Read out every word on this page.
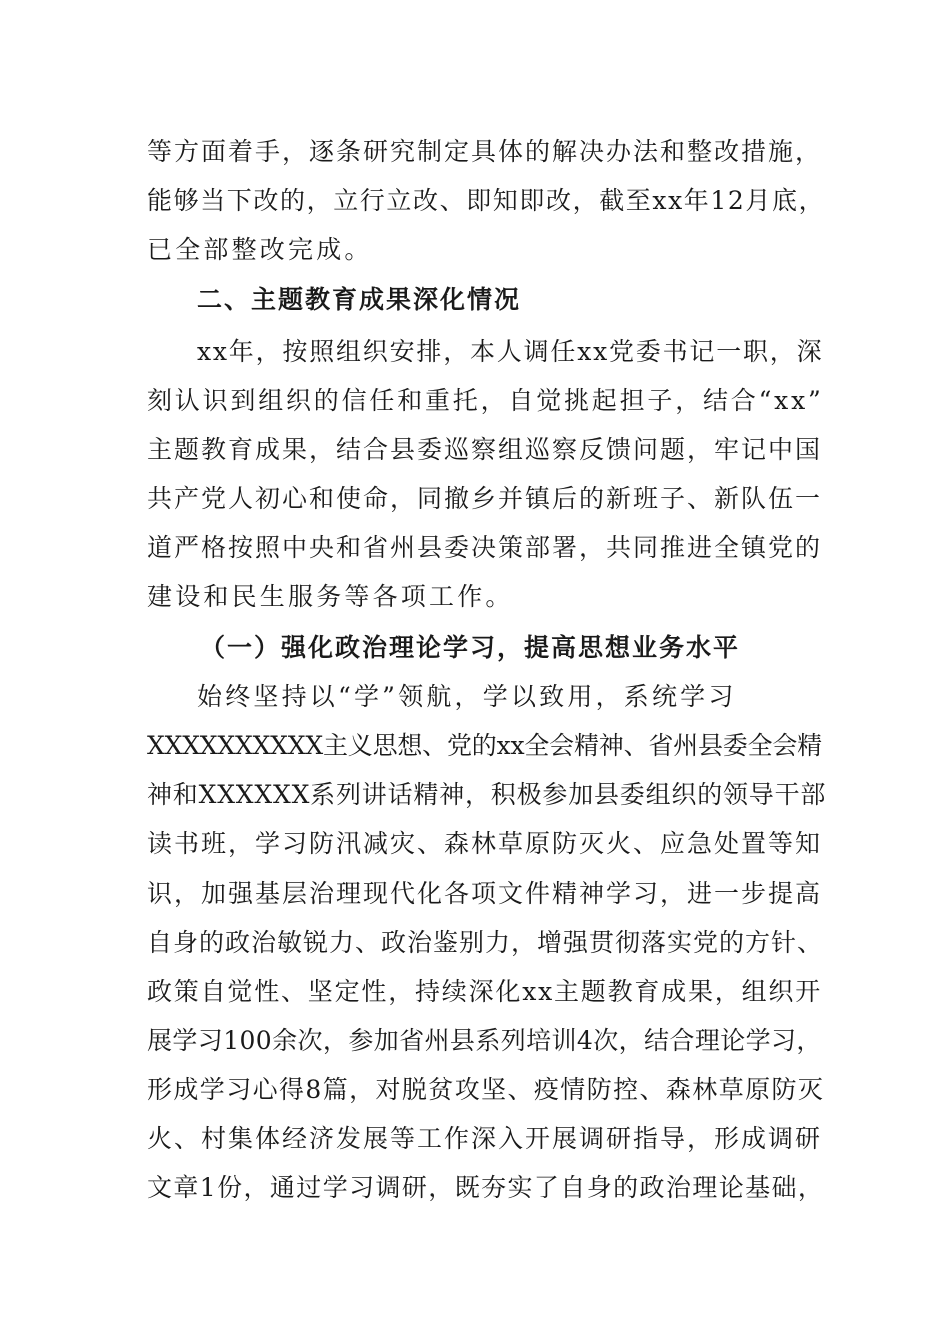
等方面着手，逐条研究制定具体的解决办法和整改措施，
能够当下改的，立行立改、即知即改，截至xx年12月底，
已全部整改完成。
二、主题教育成果深化情况
xx年，按照组织安排，本人调任xx党委书记一职，深
刻认识到组织的信任和重托，自觉挑起担子，结合“xx”
主题教育成果，结合县委巡察组巡察反馈问题，牢记中国
共产党人初心和使命，同撤乡并镇后的新班子、新队伍一
道严格按照中央和省州县委决策部署，共同推进全镇党的
建设和民生服务等各项工作。
（一）强化政治理论学习，提高思想业务水平
始终坚持以“学”领航，学以致用，系统学习
XXXXXXXXXX主义思想、党的xx全会精神、省州县委全会精
神和XXXXXX系列讲话精神，积极参加县委组织的领导干部
读书班，学习防汛减灾、森林草原防灭火、应急处置等知
识，加强基层治理现代化各项文件精神学习，进一步提高
自身的政治敏锐力、政治鉴别力，增强贯彻落实党的方针、
政策自觉性、坚定性，持续深化xx主题教育成果，组织开
展学习100余次，参加省州县系列培训4次，结合理论学习，
形成学习心得8篇，对脱贫攻坚、疫情防控、森林草原防灭
火、村集体经济发展等工作深入开展调研指导，形成调研
文章1份，通过学习调研，既夯实了自身的政治理论基础，
